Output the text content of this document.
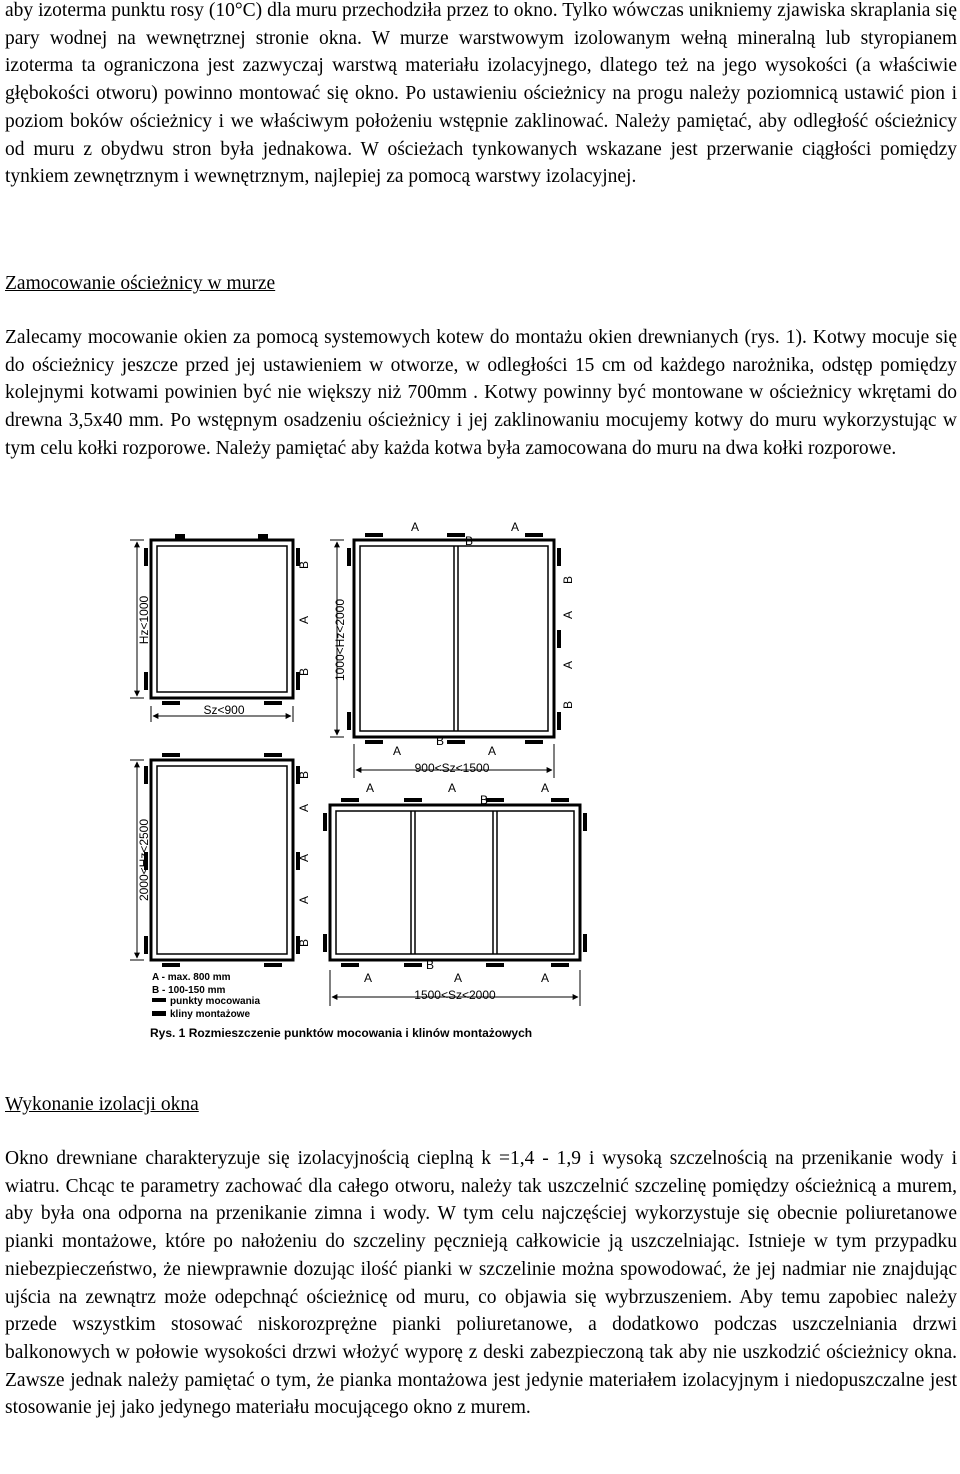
aby izoterma punktu rosy (10°C) dla muru przechodziła przez to okno. Tylko wówczas unikniemy zjawiska skraplania się pary wodnej na wewnętrznej stronie okna. W murze warstwowym izolowanym wełną mineralną lub styropianem izoterma ta ograniczona jest zazwyczaj warstwą materiału izolacyjnego, dlatego też na jego wysokości (a właściwie głębokości otworu) powinno montować się okno. Po ustawieniu ościeżnicy na progu należy poziomnicą ustawić pion i poziom boków ościeżnicy i we właściwym położeniu wstępnie zaklinować. Należy pamiętać, aby odległość ościeżnicy od muru z obydwu stron była jednakowa. W ościeżach tynkowanych wskazane jest przerwanie ciągłości pomiędzy tynkiem zewnętrznym i wewnętrznym, najlepiej za pomocą warstwy izolacyjnej.

Zamocowanie ościeżnicy w murze

Zalecamy mocowanie okien za pomocą systemowych kotew do montażu okien drewnianych (rys. 1). Kotwy mocuje się do ościeżnicy jeszcze przed jej ustawieniem w otworze, w odległości 15 cm od każdego narożnika, odstęp pomiędzy kolejnymi kotwami powinien być nie większy niż 700mm . Kotwy powinny być montowane w ościeżnicy wkrętami do drewna 3,5x40 mm. Po wstępnym osadzeniu ościeżnicy i jej zaklinowaniu mocujemy kotwy do muru wykorzystując w tym celu kołki rozporowe. Należy pamiętać aby każda kotwa była zamocowana do muru na dwa kołki rozporowe.

Hz<1000
Sz<900
B
A
B 1000<Hz<2000
900<Sz<1500
A
B
A
B
A
A
B
A
B
A
2000<Hz<2500
B
A
A
A
B
1500<Sz<2000
A	A
B
A
A
B
A	A
A - max. 800 mm
B - 100-150 mm
punkty mocowania
kliny montażowe
Rys. 1 Rozmieszczenie punktów mocowania i klinów montażowych

Wykonanie izolacji okna

Okno drewniane charakteryzuje się izolacyjnością cieplną k =1,4 - 1,9 i wysoką szczelnością na przenikanie wody i wiatru. Chcąc te parametry zachować dla całego otworu, należy tak uszczelnić szczelinę pomiędzy ościeżnicą a murem, aby była ona odporna na przenikanie zimna i wody. W tym celu najczęściej wykorzystuje się obecnie poliuretanowe pianki montażowe, które po nałożeniu do szczeliny pęcznieją całkowicie ją uszczelniając. Istnieje w tym przypadku niebezpieczeństwo, że niewprawnie dozując ilość pianki w szczelinie można spowodować, że jej nadmiar nie znajdując ujścia na zewnątrz może odepchnąć ościeżnicę od muru, co objawia się wybrzuszeniem. Aby temu zapobiec należy przede wszystkim stosować niskorozprężne pianki poliuretanowe, a dodatkowo podczas uszczelniania drzwi balkonowych w połowie wysokości drzwi włożyć wyporę z deski zabezpieczoną tak aby nie uszkodzić ościeżnicy okna. Zawsze jednak należy pamiętać o tym, że pianka montażowa jest jedynie materiałem izolacyjnym i niedopuszczalne jest stosowanie jej jako jedynego materiału mocującego okno z murem.
